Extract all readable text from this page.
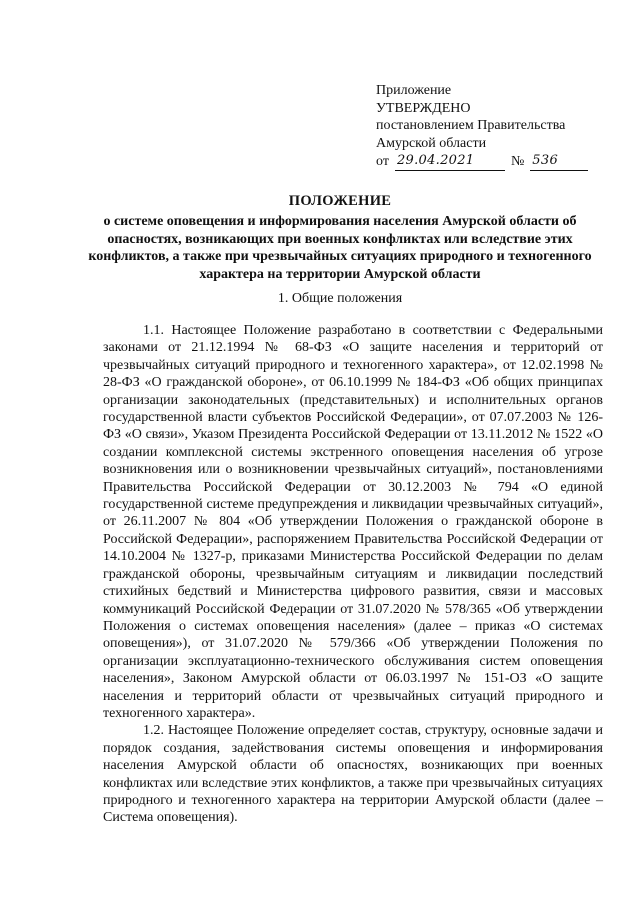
Приложение
УТВЕРЖДЕНО
постановлением Правительства
Амурской области
от 29.04.2021	№ 536
ПОЛОЖЕНИЕ

о системе оповещения и информирования населения Амурской области об опасностях, возникающих при военных конфликтах или вследствие этих конфликтов, а также при чрезвычайных ситуациях природного и техногенного характера на территории Амурской области

1. Общие положения

1.1. Настоящее Положение разработано в соответствии с Федеральными законами от 21.12.1994 № 68-ФЗ «О защите населения и территорий от чрезвычайных ситуаций природного и техногенного характера», от 12.02.1998 № 28-ФЗ «О гражданской обороне», от 06.10.1999 № 184-ФЗ «Об общих принципах организации законодательных (представительных) и исполнительных органов государственной власти субъектов Российской Федерации», от 07.07.2003 № 126-ФЗ «О связи», Указом Президента Российской Федерации от 13.11.2012 № 1522 «О создании комплексной системы экстренного оповещения населения об угрозе возникновения или о возникновении чрезвычайных ситуаций», постановлениями Правительства Российской Федерации от 30.12.2003 № 794 «О единой государственной системе предупреждения и ликвидации чрезвычайных ситуаций», от 26.11.2007 № 804 «Об утверждении Положения о гражданской обороне в Российской Федерации», распоряжением Правительства Российской Федерации от 14.10.2004 № 1327-р, приказами Министерства Российской Федерации по делам гражданской обороны, чрезвычайным ситуациям и ликвидации последствий стихийных бедствий и Министерства цифрового развития, связи и массовых коммуникаций Российской Федерации от 31.07.2020 № 578/365 «Об утверждении Положения о системах оповещения населения» (далее – приказ «О системах оповещения»), от 31.07.2020 № 579/366 «Об утверждении Положения по организации эксплуатационно-технического обслуживания систем оповещения населения», Законом Амурской области от 06.03.1997 № 151-ОЗ «О защите населения и территорий области от чрезвычайных ситуаций природного и техногенного характера».

1.2. Настоящее Положение определяет состав, структуру, основные задачи и порядок создания, задействования системы оповещения и информирования населения Амурской области об опасностях, возникающих при военных конфликтах или вследствие этих конфликтов, а также при чрезвычайных ситуациях природного и техногенного характера на территории Амурской области (далее – Система оповещения).
